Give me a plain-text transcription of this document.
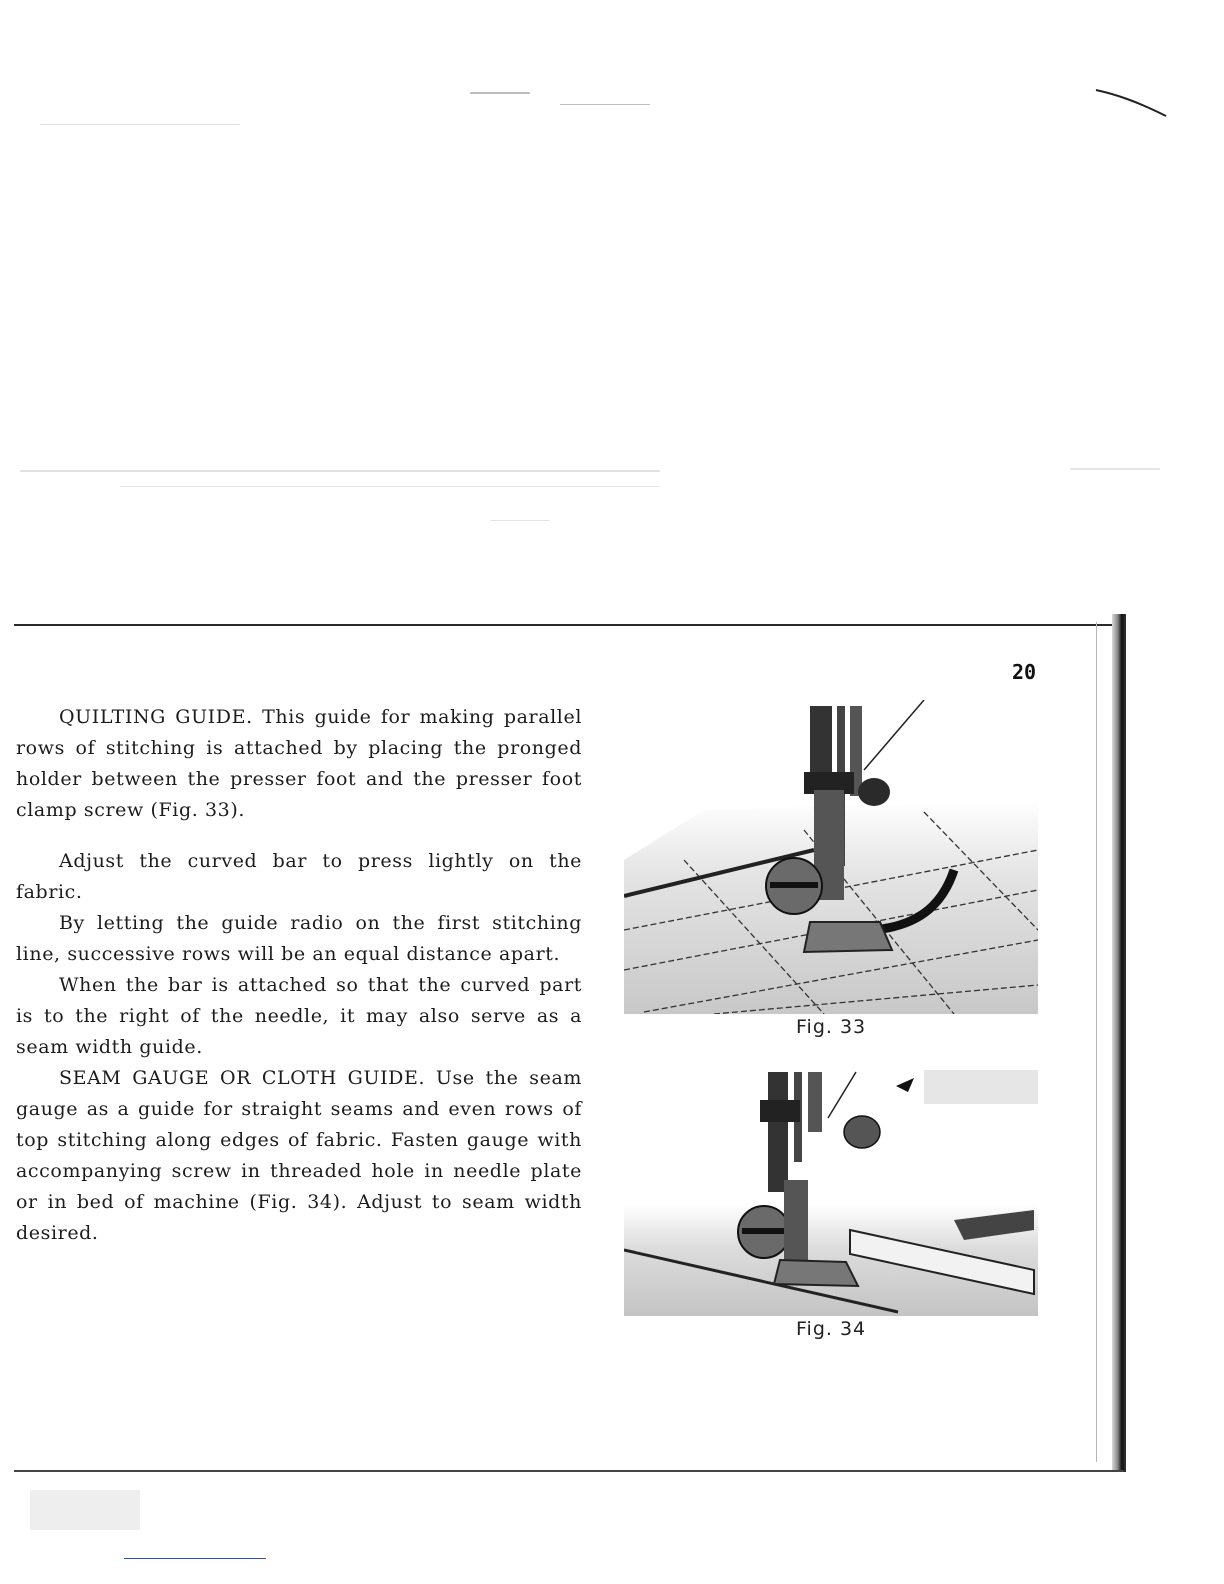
20

QUILTING GUIDE. This guide for making parallel rows of stitching is attached by placing the pronged holder between the presser foot and the presser foot clamp screw (Fig. 33).

Adjust the curved bar to press lightly on the fabric.

By letting the guide radio on the first stitching line, successive rows will be an equal distance apart.

When the bar is attached so that the curved part is to the right of the needle, it may also serve as a seam width guide.

SEAM GAUGE OR CLOTH GUIDE. Use the seam gauge as a guide for straight seams and even rows of top stitching along edges of fabric. Fasten gauge with accompanying screw in threaded hole in needle plate or in bed of machine (Fig. 34). Adjust to seam width desired.

Fig. 33
Fig. 34
